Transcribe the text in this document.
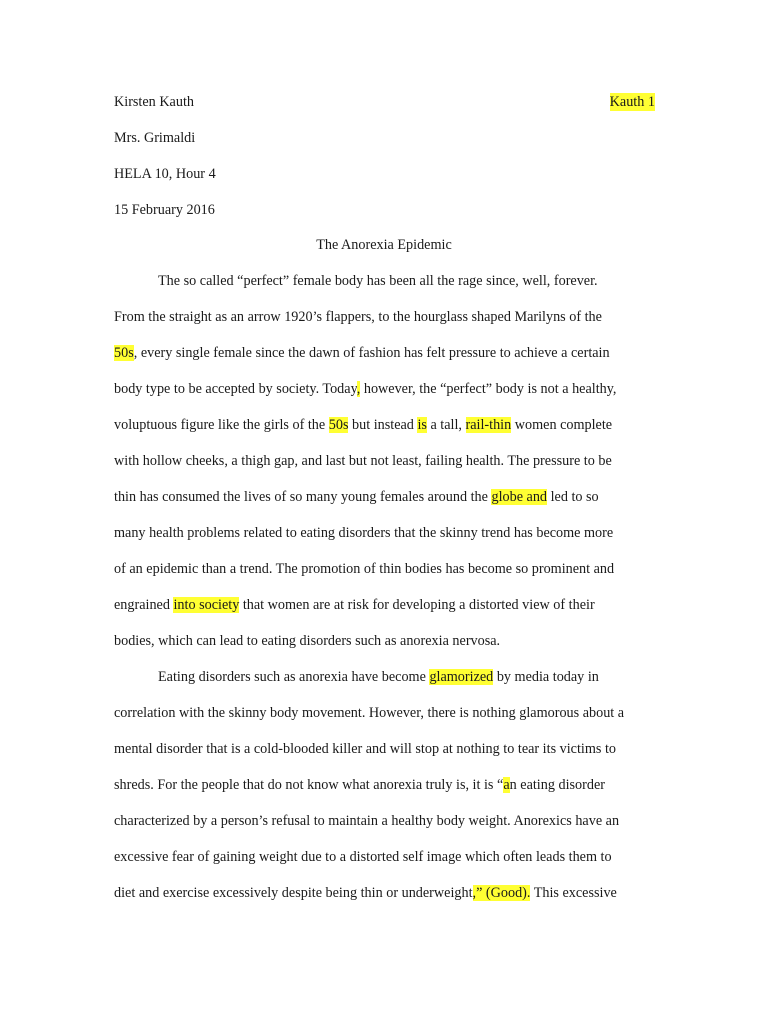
Kirsten Kauth	Kauth 1
Mrs. Grimaldi
HELA 10, Hour 4
15 February 2016
The Anorexia Epidemic
The so called “perfect” female body has been all the rage since, well, forever.
From the straight as an arrow 1920’s flappers, to the hourglass shaped Marilyns of the
50s, every single female since the dawn of fashion has felt pressure to achieve a certain
body type to be accepted by society. Today, however, the “perfect” body is not a healthy,
voluptuous figure like the girls of the 50s but instead is a tall, rail-thin women complete
with hollow cheeks, a thigh gap, and last but not least, failing health. The pressure to be
thin has consumed the lives of so many young females around the globe and led to so
many health problems related to eating disorders that the skinny trend has become more
of an epidemic than a trend. The promotion of thin bodies has become so prominent and
engrained into society that women are at risk for developing a distorted view of their
bodies, which can lead to eating disorders such as anorexia nervosa.
Eating disorders such as anorexia have become glamorized by media today in
correlation with the skinny body movement. However, there is nothing glamorous about a
mental disorder that is a cold-blooded killer and will stop at nothing to tear its victims to
shreds. For the people that do not know what anorexia truly is, it is “an eating disorder
characterized by a person’s refusal to maintain a healthy body weight. Anorexics have an
excessive fear of gaining weight due to a distorted self image which often leads them to
diet and exercise excessively despite being thin or underweight,” (Good). This excessive
